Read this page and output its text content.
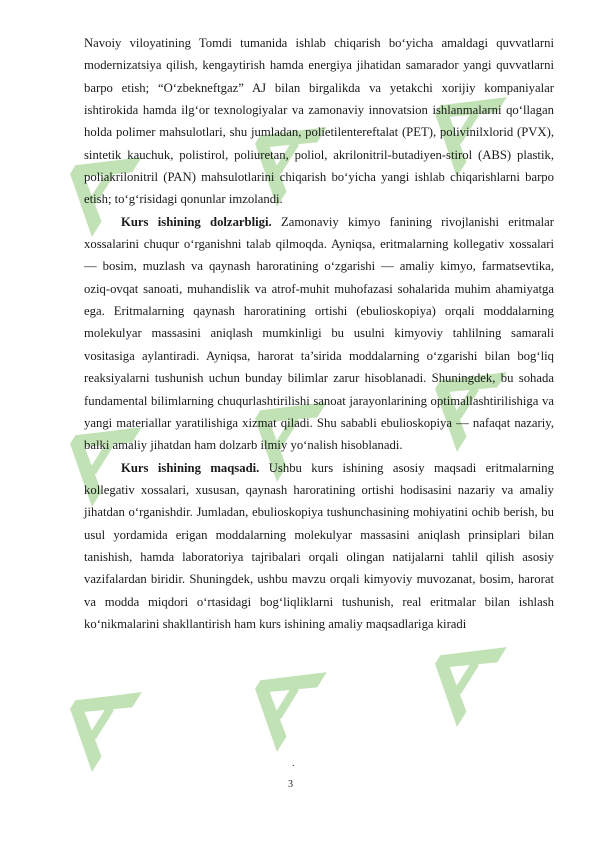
Navoiy viloyatining Tomdi tumanida ishlab chiqarish bo‘yicha amaldagi quvvatlarni modernizatsiya qilish, kengaytirish hamda energiya jihatidan samarador yangi quvvatlarni barpo etish; “O‘zbekneftgaz” AJ bilan birgalikda va yetakchi xorijiy kompaniyalar ishtirokida hamda ilg‘or texnologiyalar va zamonaviy innovatsion ishlanmalarni qo‘llagan holda polimer mahsulotlari, shu jumladan, polietilentereftalat (PET), polivinilxlorid (PVX), sintetik kauchuk, polistirol, poliuretan, poliol, akrilonitril-butadiyen-stirol (ABS) plastik, poliakrilonitril (PAN) mahsulotlarini chiqarish bo‘yicha yangi ishlab chiqarishlarni barpo etish; to‘g‘risidagi qonunlar imzolandi.

Kurs ishining dolzarbligi. Zamonaviy kimyo fanining rivojlanishi eritmalar xossalarini chuqur o‘rganishni talab qilmoqda. Ayniqsa, eritmalarning kollegativ xossalari — bosim, muzlash va qaynash haroratining o‘zgarishi — amaliy kimyo, farmatsevtika, oziq-ovqat sanoati, muhandislik va atrof-muhit muhofazasi sohalarida muhim ahamiyatga ega. Eritmalarning qaynash haroratining ortishi (ebulioskopiya) orqali moddalarning molekulyar massasini aniqlash mumkinligi bu usulni kimyoviy tahlilning samarali vositasiga aylantiradi. Ayniqsa, harorat ta’sirida moddalarning o‘zgarishi bilan bog‘liq reaksiyalarni tushunish uchun bunday bilimlar zarur hisoblanadi. Shuningdek, bu sohada fundamental bilimlarning chuqurlashtirilishi sanoat jarayonlarining optimallashtirilishiga va yangi materiallar yaratilishiga xizmat qiladi. Shu sababli ebulioskopiya — nafaqat nazariy, balki amaliy jihatdan ham dolzarb ilmiy yo‘nalish hisoblanadi.

Kurs ishining maqsadi. Ushbu kurs ishining asosiy maqsadi eritmalarning kollegativ xossalari, xususan, qaynash haroratining ortishi hodisasini nazariy va amaliy jihatdan o‘rganishdir. Jumladan, ebulioskopiya tushunchasining mohiyatini ochib berish, bu usul yordamida erigan moddalarning molekulyar massasini aniqlash prinsiplari bilan tanishish, hamda laboratoriya tajribalari orqali olingan natijalarni tahlil qilish asosiy vazifalardan biridir. Shuningdek, ushbu mavzu orqali kimyoviy muvozanat, bosim, harorat va modda miqdori o‘rtasidagi bog‘liqliklarni tushunish, real eritmalar bilan ishlash ko‘nikmalarini shakllantirish ham kurs ishining amaliy maqsadlariga kiradi

.
3
